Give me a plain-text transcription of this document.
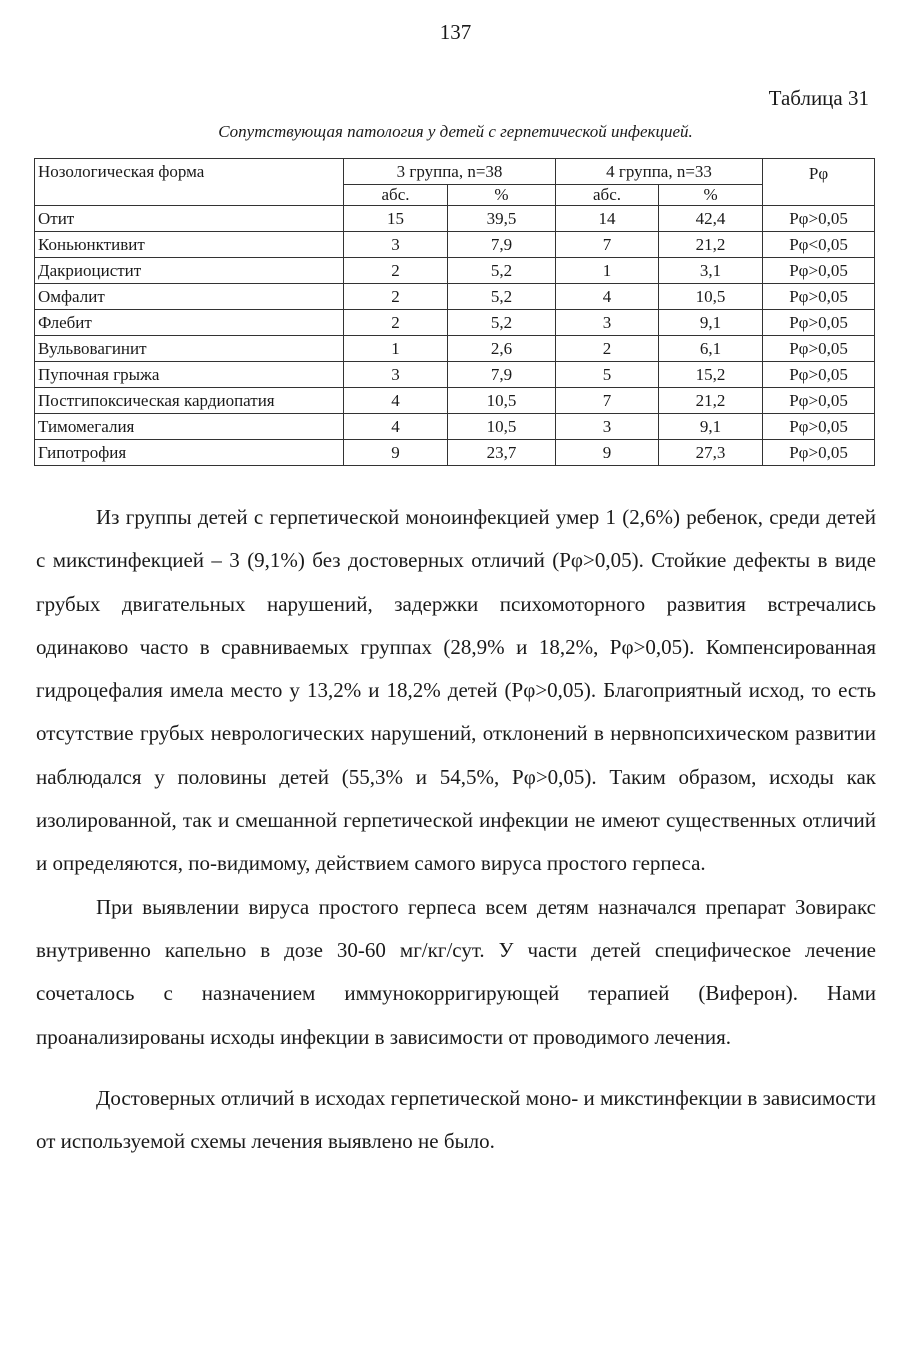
137
Таблица 31
Сопутствующая патология у детей с герпетической инфекцией.
Нозологическая форма	3 группа, n=38		4 группа, n=33		Рφ
	абс.	%	абс.	%	
Отит	15	39,5	14	42,4	Рφ>0,05
Коньюнктивит	3	7,9	7	21,2	Рφ<0,05
Дакриоцистит	2	5,2	1	3,1	Рφ>0,05
Омфалит	2	5,2	4	10,5	Рφ>0,05
Флебит	2	5,2	3	9,1	Рφ>0,05
Вульвовагинит	1	2,6	2	6,1	Рφ>0,05
Пупочная грыжа	3	7,9	5	15,2	Рφ>0,05
Постгипоксическая кардиопатия	4	10,5	7	21,2	Рφ>0,05
Тимомегалия	4	10,5	3	9,1	Рφ>0,05
Гипотрофия	9	23,7	9	27,3	Рφ>0,05

Из группы детей с герпетической моноинфекцией умер 1 (2,6%) ребенок, среди детей с микстинфекцией – 3 (9,1%) без достоверных отличий (Рφ>0,05). Стойкие дефекты в виде грубых двигательных нарушений, задержки психомоторного развития встречались одинаково часто в сравниваемых группах (28,9% и 18,2%, Рφ>0,05). Компенсированная гидроцефалия имела место у 13,2% и 18,2% детей (Рφ>0,05). Благоприятный исход, то есть отсутствие грубых неврологических нарушений, отклонений в нервнопсихическом развитии наблюдался у половины детей (55,3% и 54,5%, Рφ>0,05). Таким образом, исходы как изолированной, так и смешанной герпетической инфекции не имеют существенных отличий и определяются, по-видимому, действием самого вируса простого герпеса.

При выявлении вируса простого герпеса всем детям назначался препарат Зовиракс внутривенно капельно в дозе 30-60 мг/кг/сут. У части детей специфическое лечение сочеталось с назначением иммунокорригирующей терапией (Виферон). Нами проанализированы исходы инфекции в зависимости от проводимого лечения.

Достоверных отличий в исходах герпетической моно- и микстинфекции в зависимости от используемой схемы лечения выявлено не было.
